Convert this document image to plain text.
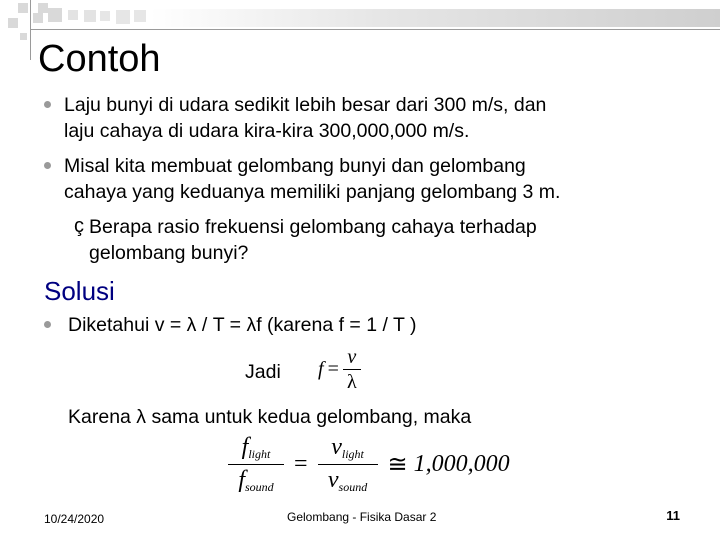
Contoh
Laju bunyi di udara sedikit lebih besar dari 300 m/s, dan
laju cahaya di udara kira-kira 300,000,000 m/s.
Misal kita membuat gelombang bunyi dan gelombang
cahaya yang keduanya memiliki panjang gelombang 3 m.
ç Berapa rasio frekuensi gelombang cahaya terhadap
gelombang bunyi?
Solusi
Diketahui v = λ / T = λf (karena f = 1 / T )
Jadi f =
v
λ
Karena λ sama untuk kedua gelombang, maka
$f_{light}$
$f_{sound}$
=
$v_{light}$
$v_{sound}$
≅ 1,000,000
10/24/2020	Gelombang - Fisika Dasar 2	11
